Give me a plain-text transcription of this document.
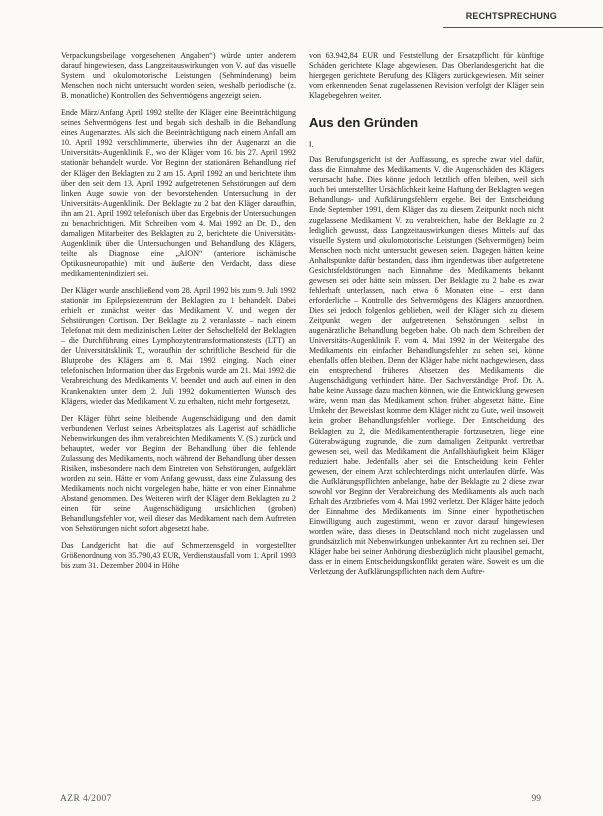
RECHTSPRECHUNG

Verpackungsbeilage vorgesehenen Angaben“) würde unter anderem darauf hingewiesen, dass Langzeitauswirkungen von V. auf das visuelle System und okulomotorische Leistungen (Sehminderung) beim Menschen noch nicht untersucht worden seien, weshalb periodische (z. B. monatliche) Kontrollen des Sehvermögens angezeigt seien.

Ende März/Anfang April 1992 stellte der Kläger eine Beeinträchtigung seines Sehvermögens fest und begab sich deshalb in die Behandlung eines Augenarztes. Als sich die Beeinträchtigung nach einem Anfall am 10. April 1992 verschlimmerte, überwies ihn der Augenarzt an die Universitäts-Augenklinik F., wo der Kläger vom 16. bis 27. April 1992 stationär behandelt wurde. Vor Beginn der stationären Behandlung rief der Kläger den Beklagten zu 2 am 15. April 1992 an und berichtete ihm über den seit dem 13. April 1992 aufgetretenen Sehstörungen auf dem linken Auge sowie von der bevorstehenden Untersuchung in der Universitäts-Augenklinik. Der Beklagte zu 2 bat den Kläger daraufhin, ihn am 21. April 1992 telefonisch über das Ergebnis der Untersuchungen zu benachrichtigen. Mit Schreiben vom 4. Mai 1992 an Dr. D., den damaligen Mitarbeiter des Beklagten zu 2, berichtete die Universitäts-Augenklinik über die Untersuchungen und Behandlung des Klägers, teilte als Diagnose eine „AION“ (anteriore ischämische Optikusneuropathie) mit und äußerte den Verdacht, dass diese medikamentenindiziert sei.

Der Kläger wurde anschließend vom 28. April 1992 bis zum 9. Juli 1992 stationär im Epilepsiezentrum der Beklagten zu 1 behandelt. Dabei erhielt er zunächst weiter das Medikament V. und wegen der Sehstörungen Cortison. Der Beklagte zu 2 veranlasste – nach einem Telefonat mit dem medizinischen Leiter der Sehschelfeld der Beklagten – die Durchführung eines Lymphozytentransformationstests (LTT) an der Universitätsklinik T., woraufhin der schriftliche Bescheid für die Blutprobe des Klägers am 8. Mai 1992 einging. Nach einer telefonischen Information über das Ergebnis wurde am 21. Mai 1992 die Verabreichung des Medikaments V. beendet und auch auf einen in den Krankenakten unter dem 2. Juli 1992 dokumentierten Wunsch des Klägers, wieder das Medikament V. zu erhalten, nicht mehr fortgesetzt.

Der Kläger führt seine bleibende Augenschädigung und den damit verbundenen Verlust seines Arbeitsplatzes als Lagerist auf schädliche Nebenwirkungen des ihm verabreichten Medikaments V. (S.) zurück und behauptet, weder vor Beginn der Behandlung über die fehlende Zulassung des Medikaments, noch während der Behandlung über dessen Risiken, insbesondere nach dem Eintreten von Sehstörungen, aufgeklärt worden zu sein. Hätte er vom Anfang gewusst, dass eine Zulassung des Medikaments noch nicht vorgelegen habe, hätte er von einer Einnahme Abstand genommen. Des Weiteren wirft der Kläger dem Beklagten zu 2 einen für seine Augenschädigung ursächlichen (groben) Behandlungsfehler vor, weil dieser das Medikament nach dem Auftreten von Sehstörungen nicht sofort abgesetzt habe.

Das Landgericht hat die auf Schmerzensgeld in vorgestellter Größenordnung von 35.790,43 EUR, Verdienstausfall vom 1. April 1993 bis zum 31. Dezember 2004 in Höhe

von 63.942,84 EUR und Feststellung der Ersatzpflicht für künftige Schäden gerichtete Klage abgewiesen. Das Oberlandesgericht hat die hiergegen gerichtete Berufung des Klägers zurückgewiesen. Mit seiner vom erkennenden Senat zugelassenen Revision verfolgt der Kläger sein Klagebegehren weiter.

Aus den Gründen
I.

Das Berufungsgericht ist der Auffassung, es spreche zwar viel dafür, dass die Einnahme des Medikaments V. die Augenschäden des Klägers verursacht habe. Dies könne jedoch letztlich offen bleiben, weil sich auch bei unterstellter Ursächlichkeit keine Haftung der Beklagten wegen Behandlungs- und Aufklärungsfehlern ergebe. Bei der Entscheidung Ende September 1991, dem Kläger das zu diesem Zeitpunkt noch nicht zugelassene Medikament V. zu verabreichen, habe der Beklagte zu 2 lediglich gewusst, dass Langzeitauswirkungen dieses Mittels auf das visuelle System und okulomotorische Leistungen (Sehvermögen) beim Menschen noch nicht untersucht gewesen seien. Dagegen hätten keine Anhaltspunkte dafür bestanden, dass ihm irgendetwas über aufgetretene Gesichtsfeldstörungen nach Einnahme des Medikaments bekannt gewesen sei oder hätte sein müssen. Der Beklagte zu 2 habe es zwar fehlerhaft unterlassen, nach etwa 6 Monaten eine – erst dann erforderliche – Kontrolle des Sehvermögens des Klägers anzuordnen. Dies sei jedoch folgenlos geblieben, weil der Kläger sich zu diesem Zeitpunkt wegen der aufgetretenen Sehstörungen selbst in augenärztliche Behandlung begeben habe. Ob nach dem Schreiben der Universitäts-Augenklinik F. vom 4. Mai 1992 in der Weitergabe des Medikaments ein einfacher Behandlungsfehler zu sehen sei, könne ebenfalls offen bleiben. Denn der Kläger habe nicht nachgewiesen, dass ein entsprechend früheres Absetzen des Medikaments die Augenschädigung verhindert hätte. Der Sachverständige Prof. Dr. A. habe keine Aussage dazu machen können, wie die Entwicklung gewesen wäre, wenn man das Medikament schon früher abgesetzt hätte. Eine Umkehr der Beweislast komme dem Kläger nicht zu Gute, weil insoweit kein grober Behandlungsfehler vorliege. Der Entscheidung des Beklagten zu 2, die Medikamententherapie fortzusetzen, liege eine Güterabwägung zugrunde, die zum damaligen Zeitpunkt vertretbar gewesen sei, weil das Medikament die Anfallshäufigkeit beim Kläger reduziert habe. Jedenfalls aber sei die Entscheidung kein Fehler gewesen, der einem Arzt schlechterdings nicht unterlaufen dürfe. Was die Aufklärungspflichten anbelange, habe der Beklagte zu 2 diese zwar sowohl vor Beginn der Verabreichung des Medikaments als auch nach Erhalt des Arztbriefes vom 4. Mai 1992 verletzt. Der Kläger hätte jedoch der Einnahme des Medikaments im Sinne einer hypothetischen Einwilligung auch zugestimmt, wenn er zuvor darauf hingewiesen worden wäre, dass dieses in Deutschland noch nicht zugelassen und grundsätzlich mit Nebenwirkungen unbekannter Art zu rechnen sei. Der Kläger habe bei seiner Anhörung diesbezüglich nicht plausibel gemacht, dass er in einem Entscheidungskonflikt geraten wäre. Soweit es um die Verletzung der Aufklärungspflichten nach dem Auftre-

AZR 4/2007	99
